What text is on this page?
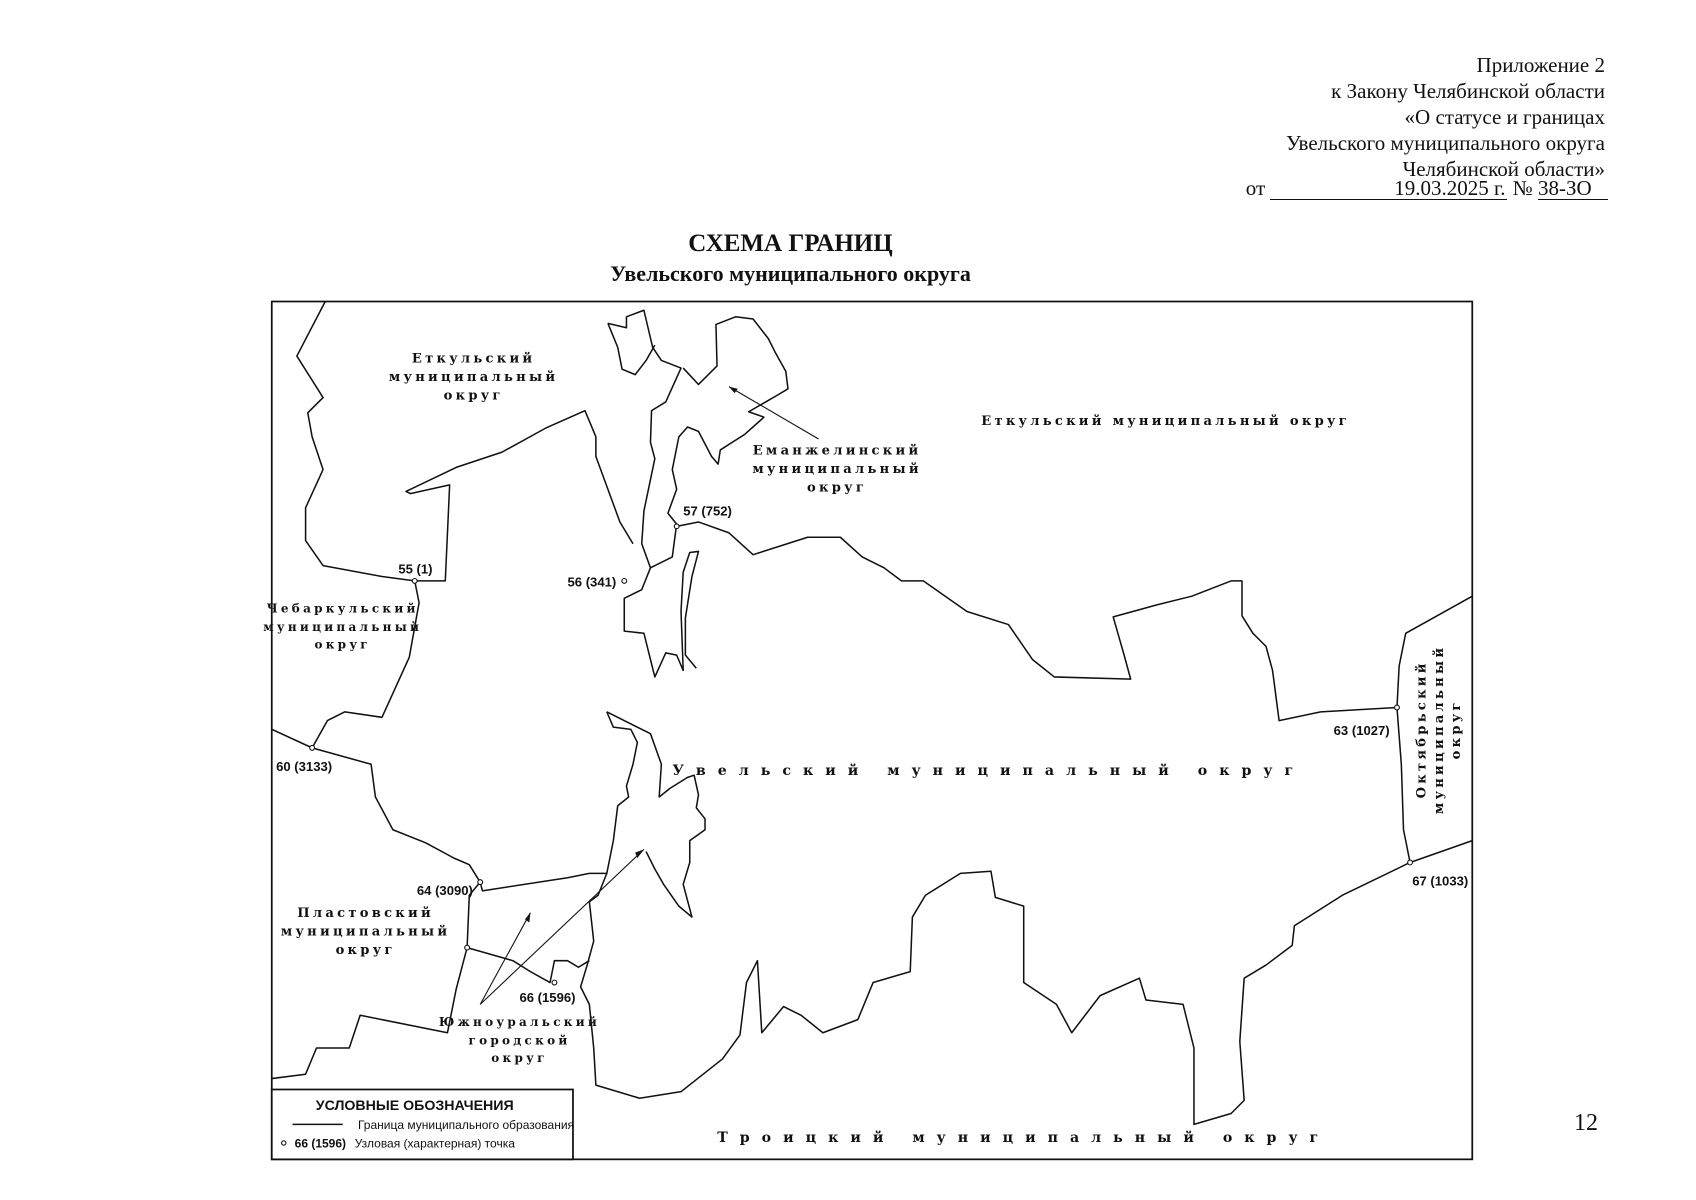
Приложение 2
к Закону Челябинской области
«О статусе и границах
Увельского муниципального округа
Челябинской области»
от	19.03.2025 г. № 38-ЗО
СХЕМА ГРАНИЦ
Увельского муниципального округа
55 (1)
56 (341)
57 (752)
60 (3133)
63 (1027)
64 (3090)
66 (1596)
67 (1033)
Еткульский
муниципальный
округ
Еткульский муниципальный округ
Еманжелинский
муниципальный
округ
Чебаркульский
муниципальный
округ
Увельский муниципальный округ	Октябрьский муниципальный округ
Пластовский
муниципальный
округ
Южноуральский
городской
округ
Троицкий муниципальный округ
УСЛОВНЫЕ ОБОЗНАЧЕНИЯ
Граница муниципального образования
66 (1596) Узловая (характерная) точка
12
